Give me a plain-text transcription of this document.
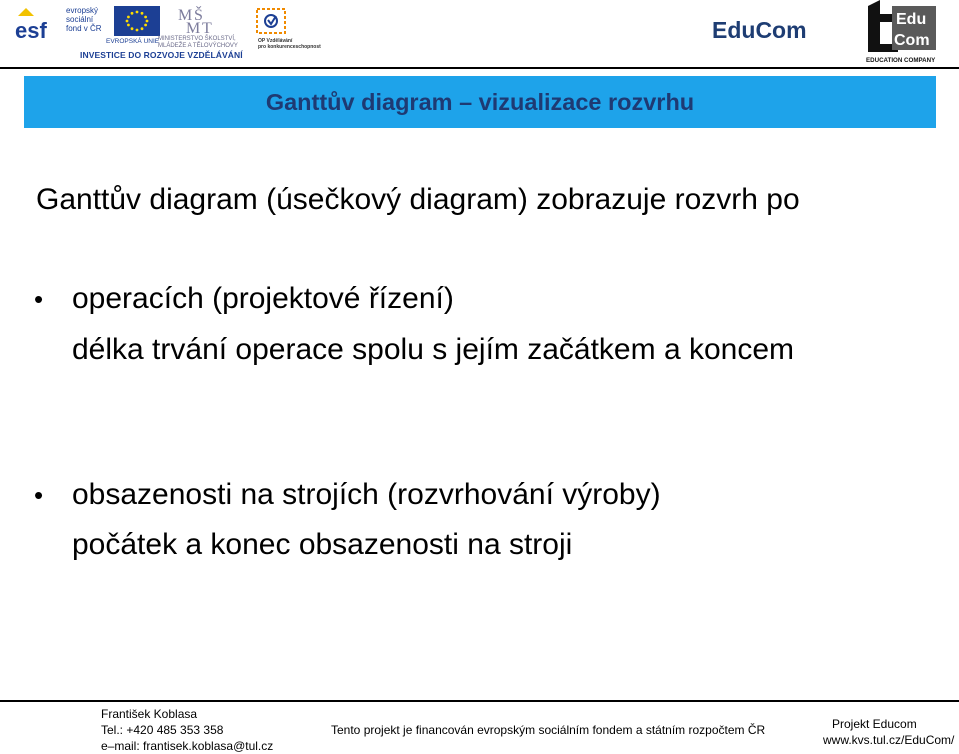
esf
evropský
sociální
fond v ČR
EVROPSKÁ UNIE
M Š
M T
MINISTERSTVO ŠKOLSTVÍ,
MLÁDEŽE A TĚLOVÝCHOVY
OP Vzdělávání
pro konkurenceschopnost
INVESTICE DO ROZVOJE VZDĚLÁVÁNÍ
EduCom	Edu
Com
EDUCATION COMPANY
Ganttův diagram – vizualizace rozvrhu
Ganttův diagram (úsečkový diagram) zobrazuje rozvrh po
• operacích (projektové řízení)
délka trvání operace spolu s jejím začátkem a koncem
• obsazenosti na strojích (rozvrhování výroby)
počátek a konec obsazenosti na stroji
František Koblasa
Tel.: +420 485 353 358
e–mail: frantisek.koblasa@tul.cz
Tento projekt je financován evropským sociálním fondem a státním rozpočtem ČR	Projekt Educom
www.kvs.tul.cz/EduCom/
